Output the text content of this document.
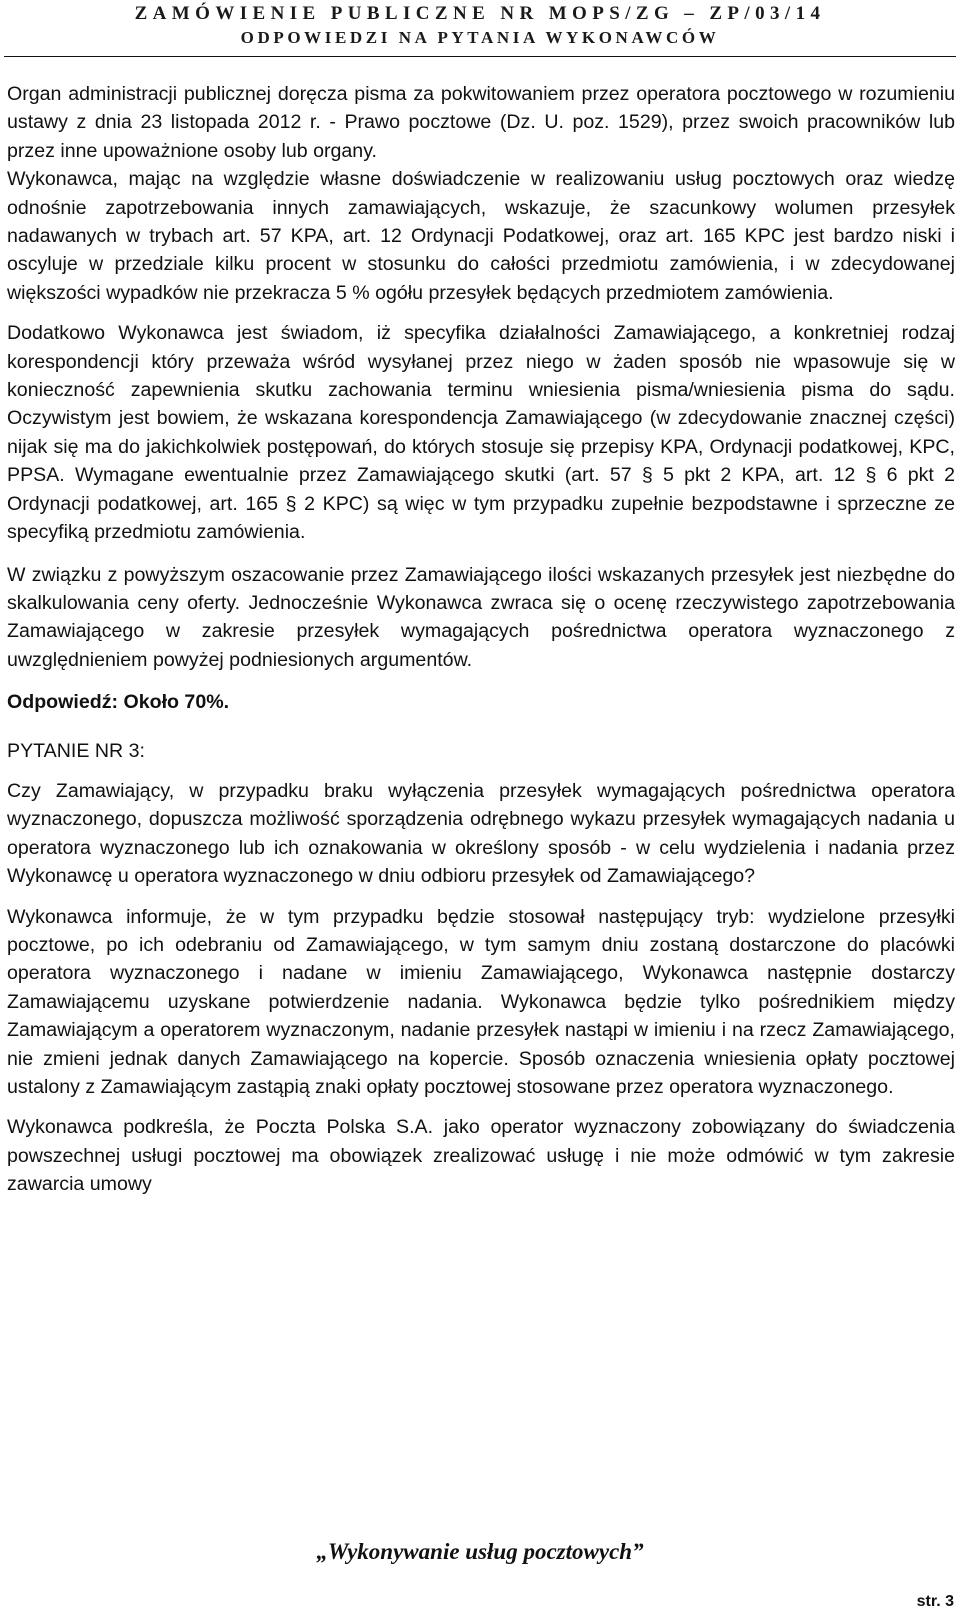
ZAMÓWIENIE PUBLICZNE NR MOPS/ZG – ZP/03/14
ODPOWIEDZI NA PYTANIA WYKONAWCÓW

Organ administracji publicznej doręcza pisma za pokwitowaniem przez operatora pocztowego w rozumieniu ustawy z dnia 23 listopada 2012 r. - Prawo pocztowe (Dz. U. poz. 1529), przez swoich pracowników lub przez inne upoważnione osoby lub organy.

Wykonawca, mając na względzie własne doświadczenie w realizowaniu usług pocztowych oraz wiedzę odnośnie zapotrzebowania innych zamawiających, wskazuje, że szacunkowy wolumen przesyłek nadawanych w trybach art. 57 KPA, art. 12 Ordynacji Podatkowej, oraz art. 165 KPC jest bardzo niski i oscyluje w przedziale kilku procent w stosunku do całości przedmiotu zamówienia, i w zdecydowanej większości wypadków nie przekracza 5 % ogółu przesyłek będących przedmiotem zamówienia.

Dodatkowo Wykonawca jest świadom, iż specyfika działalności Zamawiającego, a konkretniej rodzaj korespondencji który przeważa wśród wysyłanej przez niego w żaden sposób nie wpasowuje się w konieczność zapewnienia skutku zachowania terminu wniesienia pisma/wniesienia pisma do sądu. Oczywistym jest bowiem, że wskazana korespondencja Zamawiającego (w zdecydowanie znacznej części) nijak się ma do jakichkolwiek postępowań, do których stosuje się przepisy KPA, Ordynacji podatkowej, KPC, PPSA. Wymagane ewentualnie przez Zamawiającego skutki (art. 57 § 5 pkt 2 KPA, art. 12 § 6 pkt 2 Ordynacji podatkowej, art. 165 § 2 KPC) są więc w tym przypadku zupełnie bezpodstawne i sprzeczne ze specyfiką przedmiotu zamówienia.

W związku z powyższym oszacowanie przez Zamawiającego ilości wskazanych przesyłek jest niezbędne do skalkulowania ceny oferty. Jednocześnie Wykonawca zwraca się o ocenę rzeczywistego zapotrzebowania Zamawiającego w zakresie przesyłek wymagających pośrednictwa operatora wyznaczonego z uwzględnieniem powyżej podniesionych argumentów.

Odpowiedź: Około 70%.

PYTANIE NR 3:

Czy Zamawiający, w przypadku braku wyłączenia przesyłek wymagających pośrednictwa operatora wyznaczonego, dopuszcza możliwość sporządzenia odrębnego wykazu przesyłek wymagających nadania u operatora wyznaczonego lub ich oznakowania w określony sposób - w celu wydzielenia i nadania przez Wykonawcę u operatora wyznaczonego w dniu odbioru przesyłek od Zamawiającego?

Wykonawca informuje, że w tym przypadku będzie stosował następujący tryb: wydzielone przesyłki pocztowe, po ich odebraniu od Zamawiającego, w tym samym dniu zostaną dostarczone do placówki operatora wyznaczonego i nadane w imieniu Zamawiającego, Wykonawca następnie dostarczy Zamawiającemu uzyskane potwierdzenie nadania. Wykonawca będzie tylko pośrednikiem między Zamawiającym a operatorem wyznaczonym, nadanie przesyłek nastąpi w imieniu i na rzecz Zamawiającego, nie zmieni jednak danych Zamawiającego na kopercie. Sposób oznaczenia wniesienia opłaty pocztowej ustalony z Zamawiającym zastąpią znaki opłaty pocztowej stosowane przez operatora wyznaczonego.

Wykonawca podkreśla, że Poczta Polska S.A. jako operator wyznaczony zobowiązany do świadczenia powszechnej usługi pocztowej ma obowiązek zrealizować usługę i nie może odmówić w tym zakresie zawarcia umowy

„Wykonywanie usług pocztowych”
str. 3
